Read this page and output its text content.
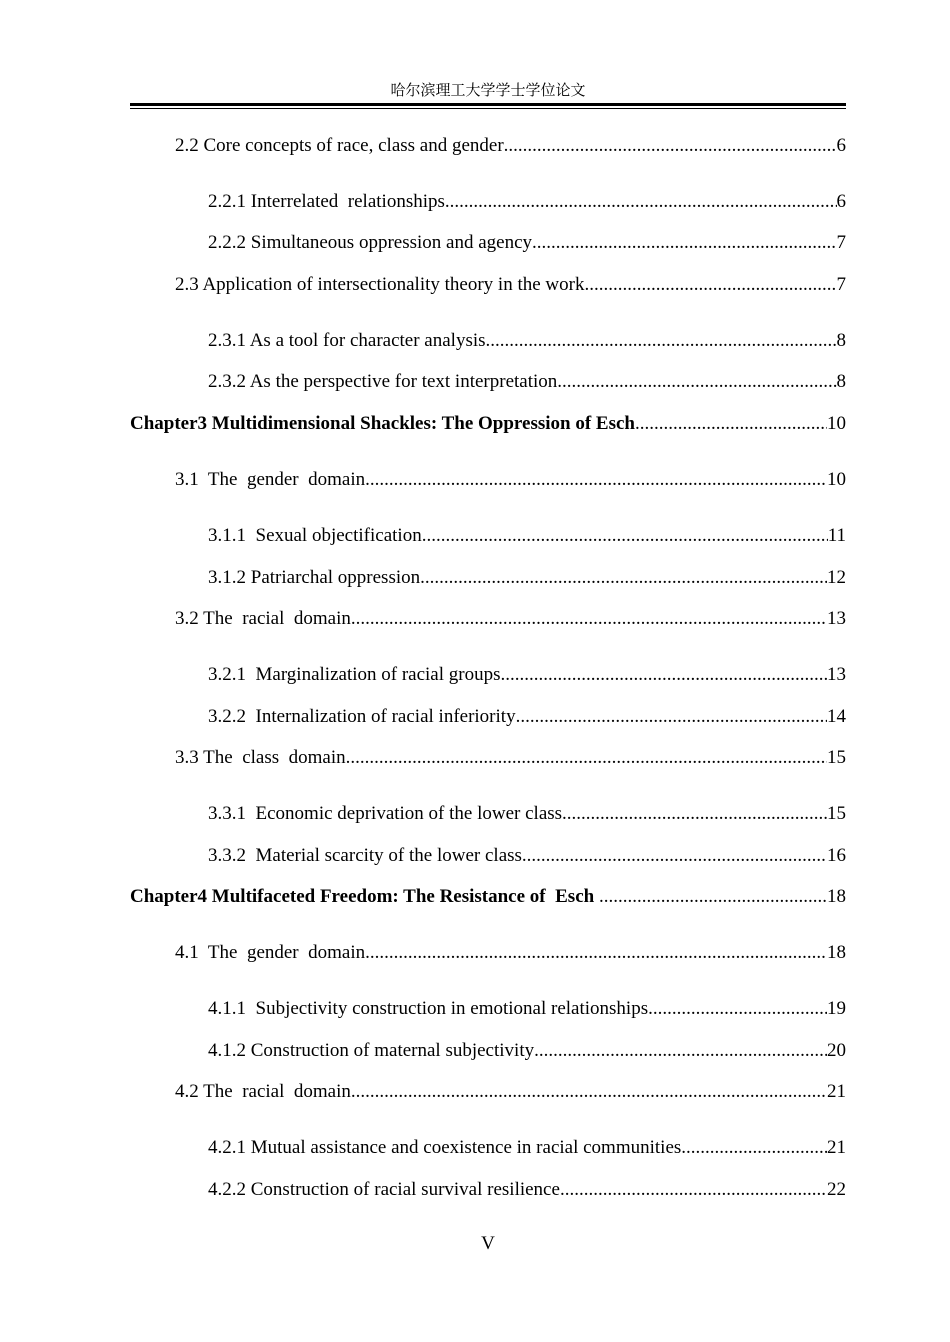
哈尔滨理工大学学士学位论文
2.2 Core concepts of race, class and gender .....	6
2.2.1 Interrelated  relationships .....	6
2.2.2 Simultaneous oppression and agency .....	7
2.3 Application of intersectionality theory in the work .....	7
2.3.1 As a tool for character analysis .....	8
2.3.2 As the perspective for text interpretation .....	8
Chapter3 Multidimensional Shackles: The Oppression of Esch .....	10
3.1  The  gender  domain .....	10
3.1.1  Sexual objectification .....	11
3.1.2 Patriarchal oppression .....	12
3.2 The  racial  domain .....	13
3.2.1  Marginalization of racial groups .....	13
3.2.2  Internalization of racial inferiority .....	14
3.3 The  class  domain .....	15
3.3.1  Economic deprivation of the lower class .....	15
3.3.2  Material scarcity of the lower class .....	16
Chapter4 Multifaceted Freedom: The Resistance of  Esch .....	18
4.1  The  gender  domain .....	18
4.1.1  Subjectivity construction in emotional relationships .....	19
4.1.2 Construction of maternal subjectivity .....	20
4.2 The  racial  domain .....	21
4.2.1 Mutual assistance and coexistence in racial communities .....	21
4.2.2 Construction of racial survival resilience .....	22
V
